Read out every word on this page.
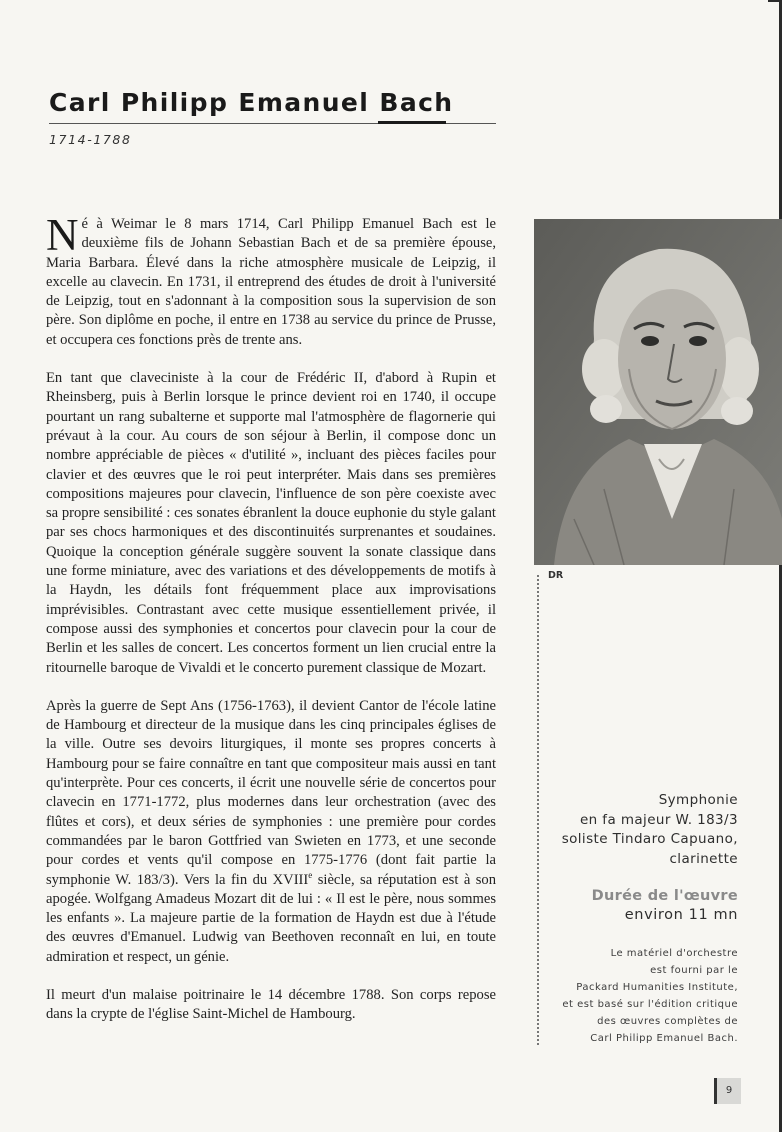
Carl Philipp Emanuel Bach
1714-1788

Né à Weimar le 8 mars 1714, Carl Philipp Emanuel Bach est le deuxième fils de Johann Sebastian Bach et de sa première épouse, Maria Barbara. Élevé dans la riche atmosphère musicale de Leipzig, il excelle au clavecin. En 1731, il entreprend des études de droit à l'université de Leipzig, tout en s'adonnant à la composition sous la supervision de son père. Son diplôme en poche, il entre en 1738 au service du prince de Prusse, et occupera ces fonctions près de trente ans.

En tant que claveciniste à la cour de Frédéric II, d'abord à Rupin et Rheinsberg, puis à Berlin lorsque le prince devient roi en 1740, il occupe pourtant un rang subalterne et supporte mal l'atmosphère de flagornerie qui prévaut à la cour. Au cours de son séjour à Berlin, il compose donc un nombre appréciable de pièces « d'utilité », incluant des pièces faciles pour clavier et des œuvres que le roi peut interpréter. Mais dans ses premières compositions majeures pour clavecin, l'influence de son père coexiste avec sa propre sensibilité : ces sonates ébranlent la douce euphonie du style galant par ses chocs harmoniques et des discontinuités surprenantes et soudaines. Quoique la conception générale suggère souvent la sonate classique dans une forme miniature, avec des variations et des développements de motifs à la Haydn, les détails font fréquemment place aux improvisations imprévisibles. Contrastant avec cette musique essentiellement privée, il compose aussi des symphonies et concertos pour clavecin pour la cour de Berlin et les salles de concert. Les concertos forment un lien crucial entre la ritournelle baroque de Vivaldi et le concerto purement classique de Mozart.

Après la guerre de Sept Ans (1756-1763), il devient Cantor de l'école latine de Hambourg et directeur de la musique dans les cinq principales églises de la ville. Outre ses devoirs liturgiques, il monte ses propres concerts à Hambourg pour se faire connaître en tant que compositeur mais aussi en tant qu'interprète. Pour ces concerts, il écrit une nouvelle série de concertos pour clavecin en 1771-1772, plus modernes dans leur orchestration (avec des flûtes et cors), et deux séries de symphonies : une première pour cordes commandées par le baron Gottfried van Swieten en 1773, et une seconde pour cordes et vents qu'il compose en 1775-1776 (dont fait partie la symphonie W. 183/3). Vers la fin du XVIIIe siècle, sa réputation est à son apogée. Wolfgang Amadeus Mozart dit de lui : « Il est le père, nous sommes les enfants ». La majeure partie de la formation de Haydn est due à l'étude des œuvres d'Emanuel. Ludwig van Beethoven reconnaît en lui, en toute admiration et respect, un génie.

Il meurt d'un malaise poitrinaire le 14 décembre 1788. Son corps repose dans la crypte de l'église Saint-Michel de Hambourg.

DR
Symphonie
en fa majeur W. 183/3
soliste Tindaro Capuano,
clarinette
Durée de l'œuvre
environ 11 mn
Le matériel d'orchestre
est fourni par le
Packard Humanities Institute,
et est basé sur l'édition critique
des œuvres complètes de
Carl Philipp Emanuel Bach.
9
